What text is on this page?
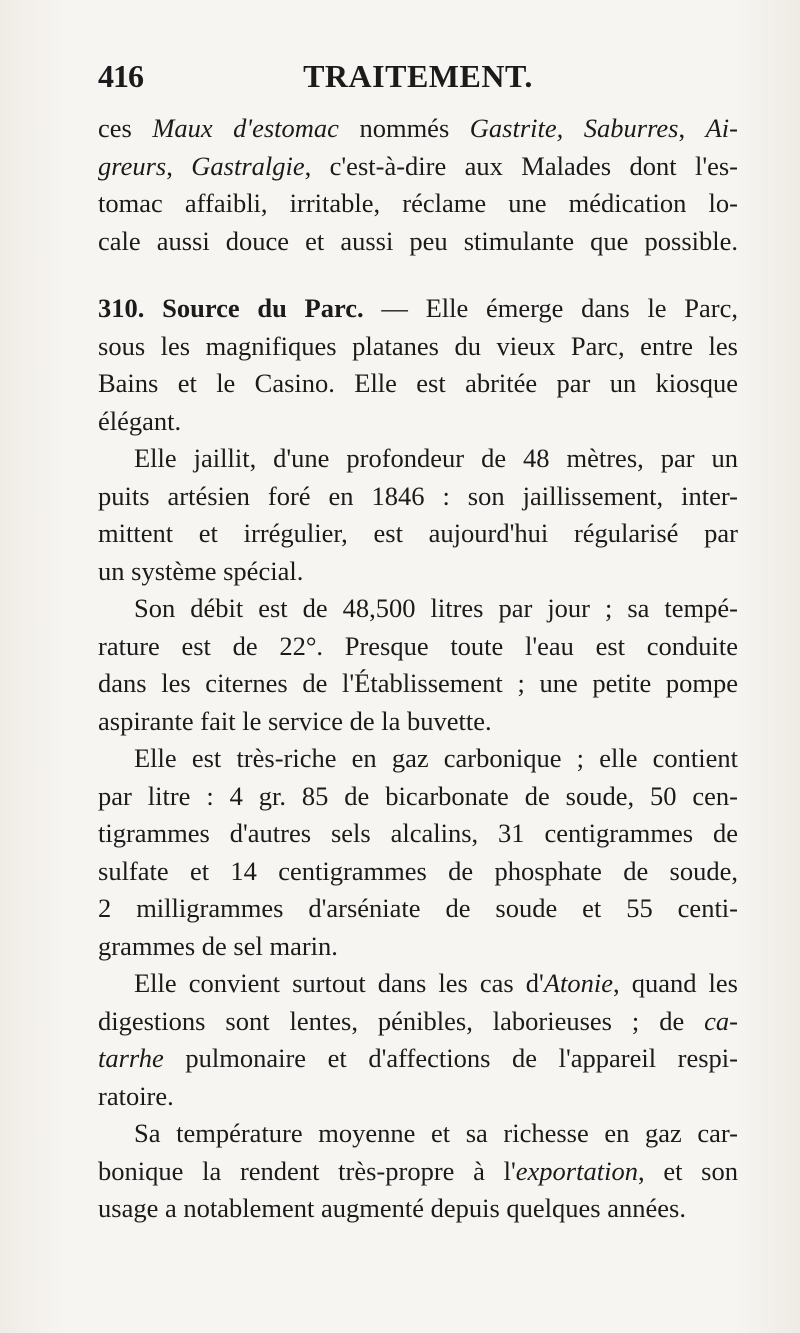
416	TRAITEMENT.
ces Maux d'estomac nommés Gastrite, Saburres, Ai-
greurs, Gastralgie, c'est-à-dire aux Malades dont l'es-
tomac affaibli, irritable, réclame une médication lo-
cale aussi douce et aussi peu stimulante que possible.
310. Source du Parc. — Elle émerge dans le Parc,
sous les magnifiques platanes du vieux Parc, entre les
Bains et le Casino. Elle est abritée par un kiosque
élégant.
Elle jaillit, d'une profondeur de 48 mètres, par un
puits artésien foré en 1846 : son jaillissement, inter-
mittent et irrégulier, est aujourd'hui régularisé par
un système spécial.
Son débit est de 48,500 litres par jour ; sa tempé-
rature est de 22°. Presque toute l'eau est conduite
dans les citernes de l'Établissement ; une petite pompe
aspirante fait le service de la buvette.
Elle est très-riche en gaz carbonique ; elle contient
par litre : 4 gr. 85 de bicarbonate de soude, 50 cen-
tigrammes d'autres sels alcalins, 31 centigrammes de
sulfate et 14 centigrammes de phosphate de soude,
2 milligrammes d'arséniate de soude et 55 centi-
grammes de sel marin.
Elle convient surtout dans les cas d'Atonie, quand les
digestions sont lentes, pénibles, laborieuses ; de ca-
tarrhe pulmonaire et d'affections de l'appareil respi-
ratoire.
Sa température moyenne et sa richesse en gaz car-
bonique la rendent très-propre à l'exportation, et son
usage a notablement augmenté depuis quelques années.
